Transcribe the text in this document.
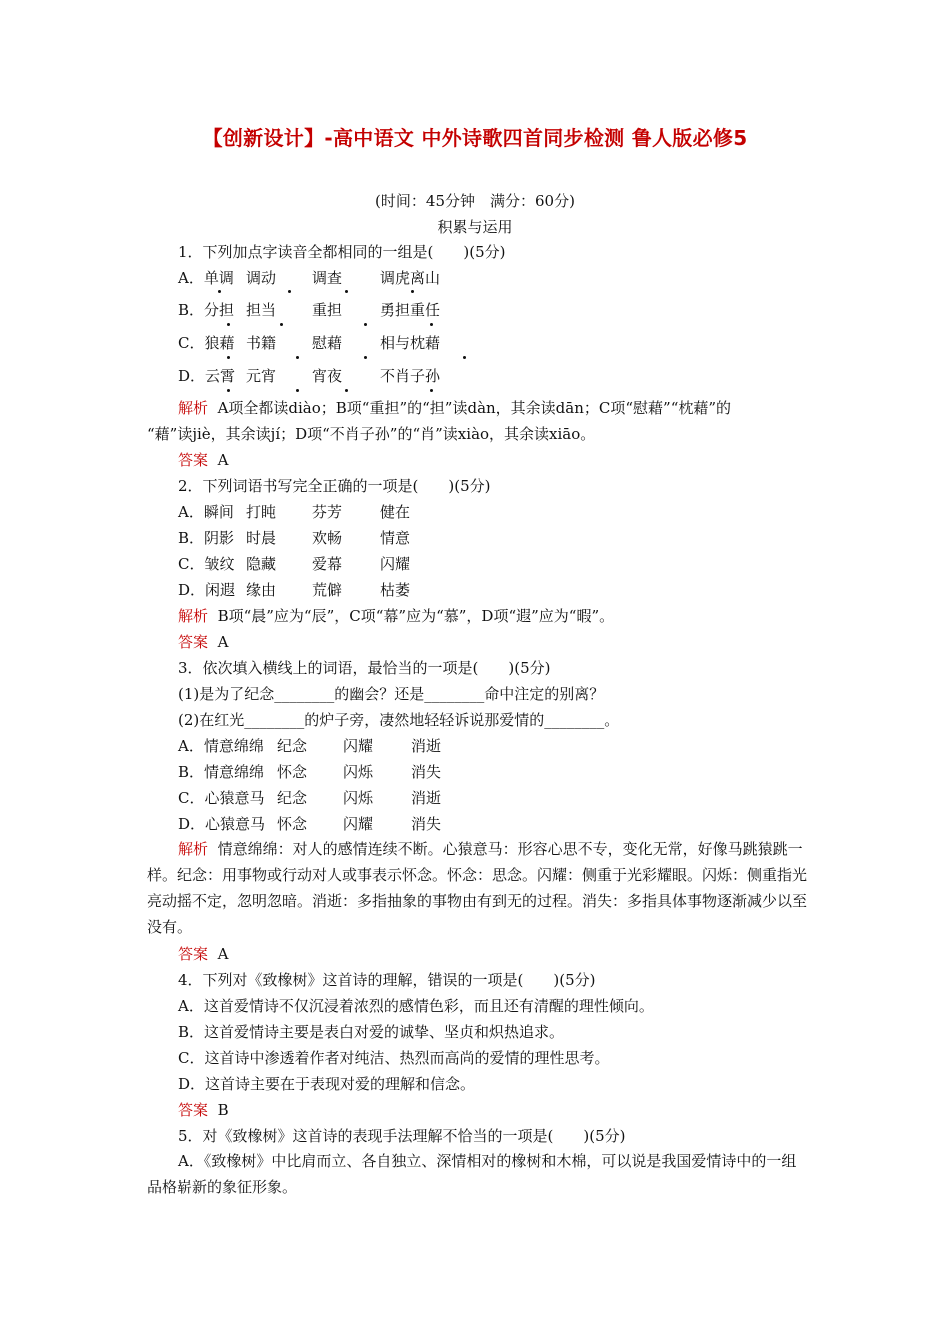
【创新设计】-高中语文 中外诗歌四首同步检测 鲁人版必修5
(时间：45分钟　满分：60分)
积累与运用
1．下列加点字读音全都相同的一组是(　　)(5分)
A．单调 调动 调查	调虎离山
B．分担 担当 重担	勇担重任
C．狼藉 书籍 慰藉	相与枕藉
D．云霄 元宵 宵夜	不肖子孙
解析 A项全都读diào；B项“重担”的“担”读dàn，其余读dān；C项“慰藉”“枕藉”的
“藉”读jiè，其余读jí；D项“不肖子孙”的“肖”读xiào，其余读xiāo。
答案 A
2．下列词语书写完全正确的一项是(　　)(5分)
A．瞬间 打盹 芬芳	健在
B．阴影 时晨 欢畅	情意
C．皱纹 隐藏 爱幕	闪耀
D．闲遐 缘由 荒僻	枯萎
解析 B项“晨”应为“辰”，C项“幕”应为“慕”，D项“遐”应为“暇”。
答案 A
3．依次填入横线上的词语，最恰当的一项是(　　)(5分)
(1)是为了纪念________的幽会？还是________命中注定的别离？
(2)在红光________的炉子旁，凄然地轻轻诉说那爱情的________。
A．情意绵绵 纪念 闪耀	消逝
B．情意绵绵 怀念 闪烁	消失
C．心猿意马 纪念 闪烁	消逝
D．心猿意马 怀念 闪耀	消失
解析 情意绵绵：对人的感情连续不断。心猿意马：形容心思不专，变化无常，好像马跳猿跳一样。纪念：用事物或行动对人或事表示怀念。怀念：思念。闪耀：侧重于光彩耀眼。闪烁：侧重指光亮动摇不定，忽明忽暗。消逝：多指抽象的事物由有到无的过程。消失：多指具体事物逐渐减少以至没有。
答案 A
4．下列对《致橡树》这首诗的理解，错误的一项是(　　)(5分)
A．这首爱情诗不仅沉浸着浓烈的感情色彩，而且还有清醒的理性倾向。
B．这首爱情诗主要是表白对爱的诚挚、坚贞和炽热追求。
C．这首诗中渗透着作者对纯洁、热烈而高尚的爱情的理性思考。
D．这首诗主要在于表现对爱的理解和信念。
答案 B
5．对《致橡树》这首诗的表现手法理解不恰当的一项是(　　)(5分)
A．《致橡树》中比肩而立、各自独立、深情相对的橡树和木棉，可以说是我国爱情诗中的一组品格崭新的象征形象。
